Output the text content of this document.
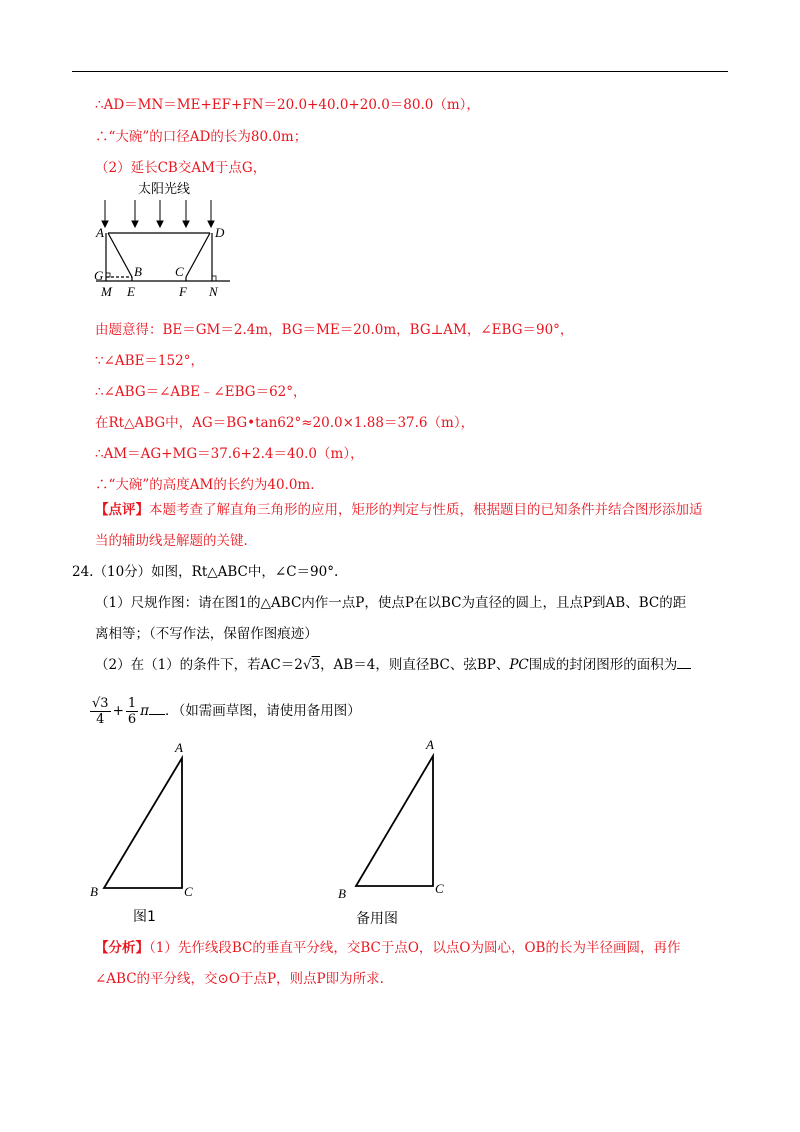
∴AD＝MN＝ME+EF+FN＝20.0+40.0+20.0＝80.0（m），
∴“大碗”的口径AD的长为80.0m；
（2）延长CB交AM于点G，
太阳光线
A	D
G B	C
M E	F N
由题意得：BE＝GM＝2.4m，BG＝ME＝20.0m，BG⊥AM，∠EBG＝90°，
∵∠ABE＝152°，
∴∠ABG＝∠ABE﹣∠EBG＝62°，
在Rt△ABG中，AG＝BG•tan62°≈20.0×1.88＝37.6（m），
∴AM＝AG+MG＝37.6+2.4＝40.0（m），
∴“大碗”的高度AM的长约为40.0m.
【点评】本题考查了解直角三角形的应用，矩形的判定与性质，根据题目的已知条件并结合图形添加适
当的辅助线是解题的关键.
24.（10分）如图，Rt△ABC中，∠C＝90°.
（1）尺规作图：请在图1的△ABC内作一点P，使点P在以BC为直径的圆上，且点P到AB、BC的距
离相等；（不写作法，保留作图痕迹）
（2）在（1）的条件下，若AC＝2√3，AB＝4，则直径BC、弦BP、PC围成的封闭图形的面积为
$\frac{√3}{4} + \frac{1}{6}$ π ．（如需画草图，请使用备用图）
A
B	C
图1
A
B	C
备用图
【分析】（1）先作线段BC的垂直平分线，交BC于点O，以点O为圆心，OB的长为半径画圆，再作
∠ABC的平分线，交⊙O于点P，则点P即为所求.
